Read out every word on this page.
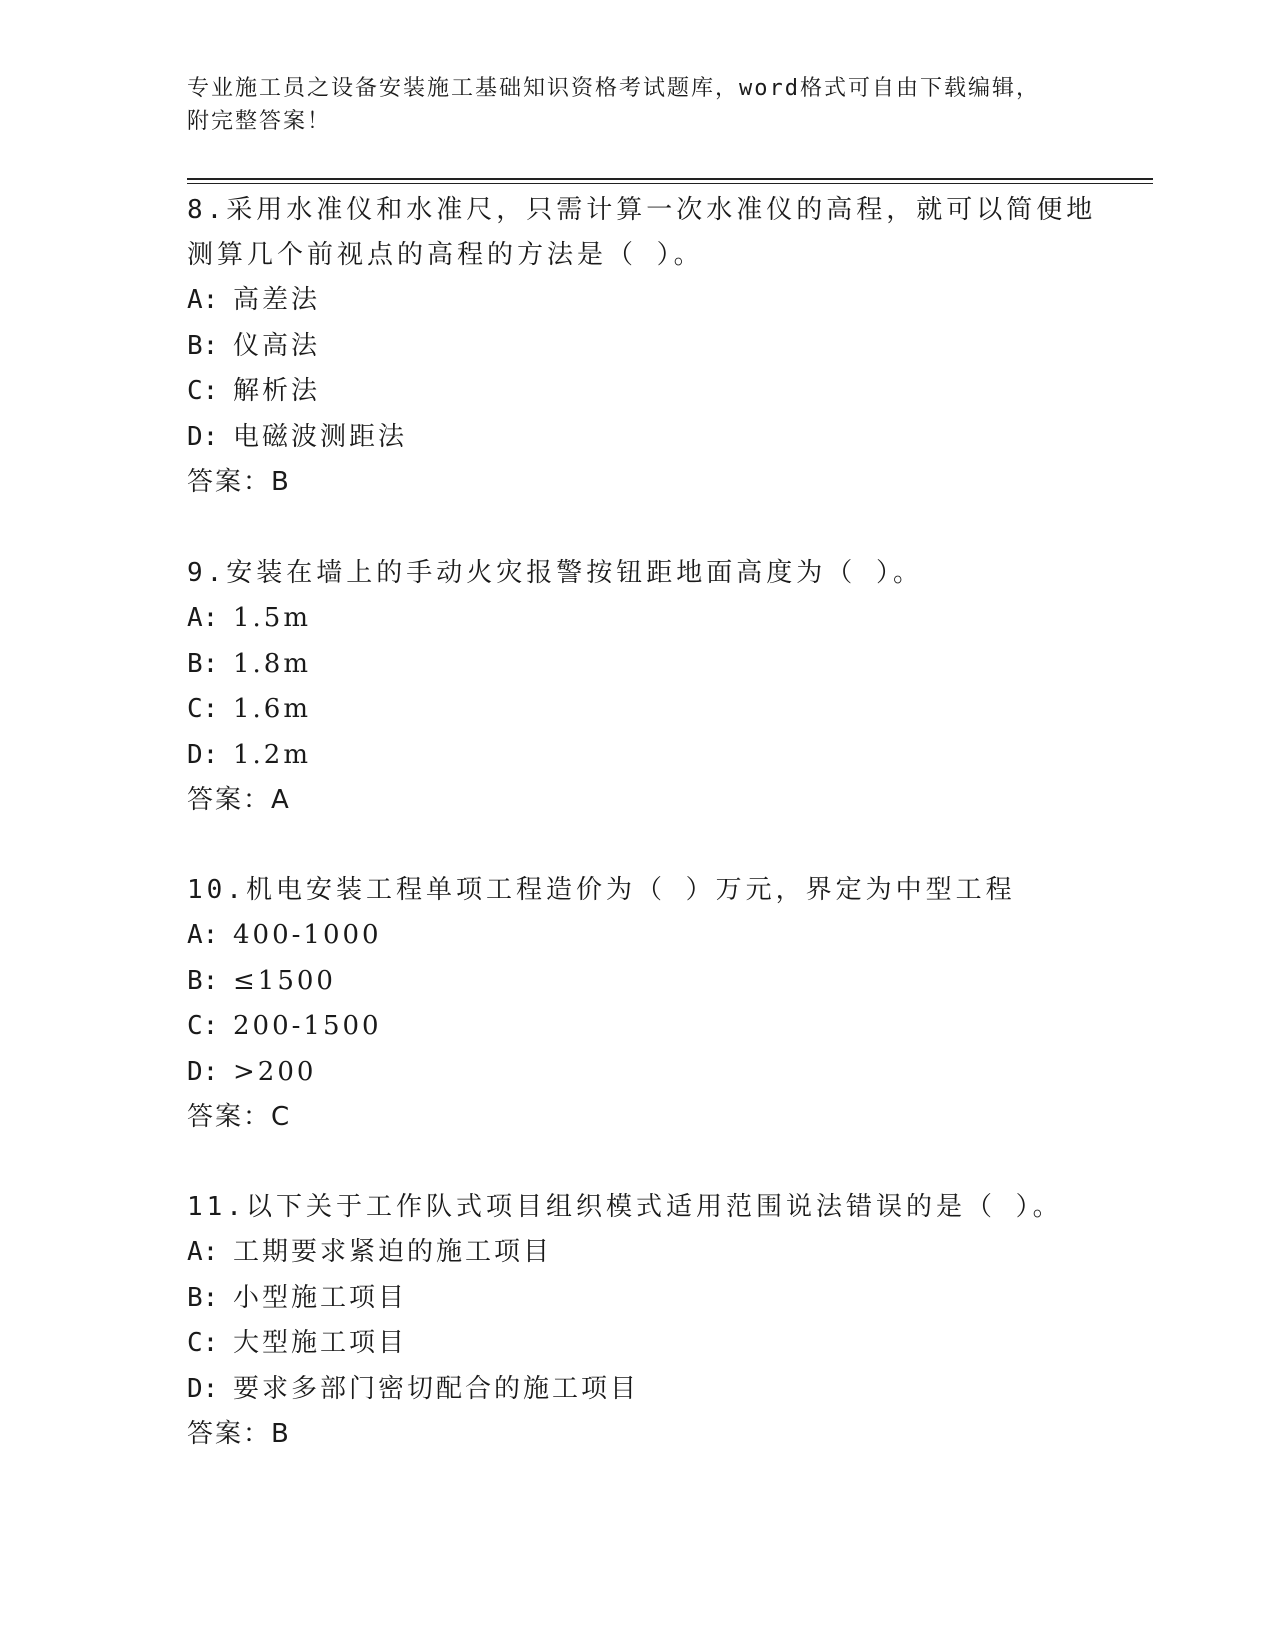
专业施工员之设备安装施工基础知识资格考试题库，word格式可自由下载编辑，
附完整答案！
8.采用水准仪和水准尺，只需计算一次水准仪的高程，就可以简便地
测算几个前视点的高程的方法是（ ）。
A: 高差法
B: 仪高法
C: 解析法
D: 电磁波测距法
答案：B
9.安装在墙上的手动火灾报警按钮距地面高度为（ ）。
A: 1.5m
B: 1.8m
C: 1.6m
D: 1.2m
答案：A
10.机电安装工程单项工程造价为（ ）万元，界定为中型工程
A: 400-1000
B: ≤1500
C: 200-1500
D: >200
答案：C
11.以下关于工作队式项目组织模式适用范围说法错误的是（ ）。
A: 工期要求紧迫的施工项目
B: 小型施工项目
C: 大型施工项目
D: 要求多部门密切配合的施工项目
答案：B
